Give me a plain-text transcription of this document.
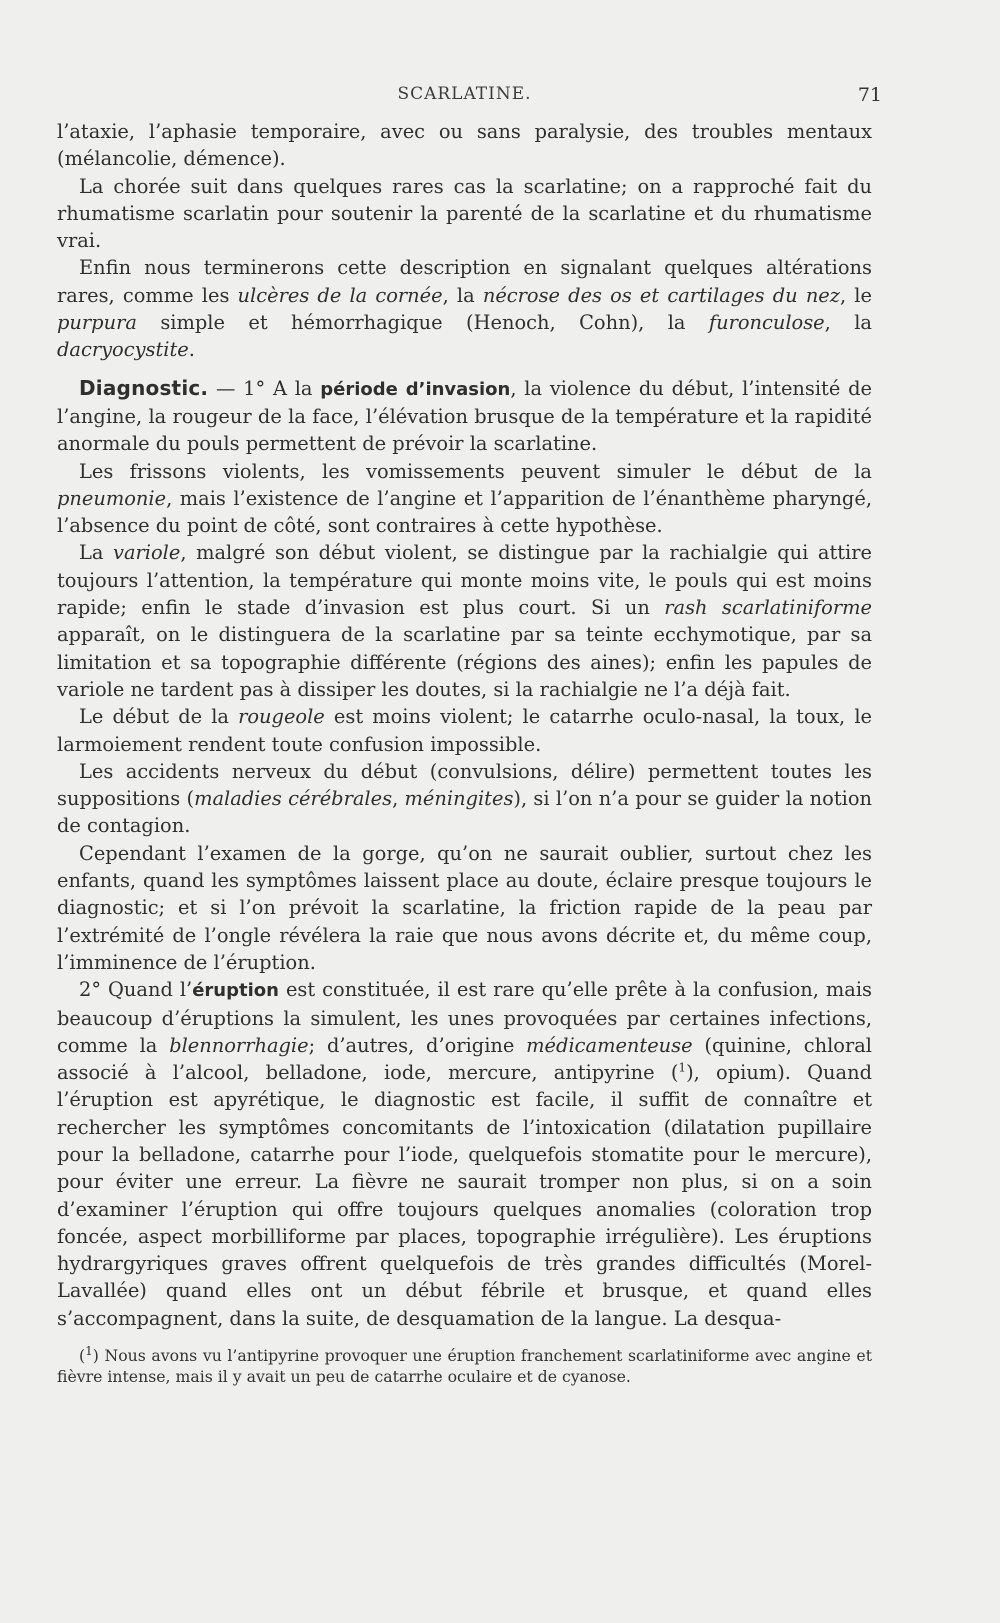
SCARLATINE.	71

l’ataxie, l’aphasie temporaire, avec ou sans paralysie, des troubles mentaux (mélancolie, démence).

La chorée suit dans quelques rares cas la scarlatine; on a rapproché fait du rhumatisme scarlatin pour soutenir la parenté de la scarlatine et du rhumatisme vrai.

Enfin nous terminerons cette description en signalant quelques altérations rares, comme les ulcères de la cornée, la nécrose des os et cartilages du nez, le purpura simple et hémorrhagique (Henoch, Cohn), la furonculose, la dacryocystite.

Diagnostic. — 1° A la période d’invasion, la violence du début, l’intensité de l’angine, la rougeur de la face, l’élévation brusque de la température et la rapidité anormale du pouls permettent de prévoir la scarlatine.

Les frissons violents, les vomissements peuvent simuler le début de la pneumonie, mais l’existence de l’angine et l’apparition de l’énanthème pharyngé, l’absence du point de côté, sont contraires à cette hypothèse.

La variole, malgré son début violent, se distingue par la rachialgie qui attire toujours l’attention, la température qui monte moins vite, le pouls qui est moins rapide; enfin le stade d’invasion est plus court. Si un rash scarlatiniforme apparaît, on le distinguera de la scarlatine par sa teinte ecchymotique, par sa limitation et sa topographie différente (régions des aines); enfin les papules de variole ne tardent pas à dissiper les doutes, si la rachialgie ne l’a déjà fait.

Le début de la rougeole est moins violent; le catarrhe oculo-nasal, la toux, le larmoiement rendent toute confusion impossible.

Les accidents nerveux du début (convulsions, délire) permettent toutes les suppositions (maladies cérébrales, méningites), si l’on n’a pour se guider la notion de contagion.

Cependant l’examen de la gorge, qu’on ne saurait oublier, surtout chez les enfants, quand les symptômes laissent place au doute, éclaire presque toujours le diagnostic; et si l’on prévoit la scarlatine, la friction rapide de la peau par l’extrémité de l’ongle révélera la raie que nous avons décrite et, du même coup, l’imminence de l’éruption.

2° Quand l’éruption est constituée, il est rare qu’elle prête à la confusion, mais beaucoup d’éruptions la simulent, les unes provoquées par certaines infections, comme la blennorrhagie; d’autres, d’origine médicamenteuse (quinine, chloral associé à l’alcool, belladone, iode, mercure, antipyrine ($^1$), opium). Quand l’éruption est apyrétique, le diagnostic est facile, il suffit de connaître et rechercher les symptômes concomitants de l’intoxication (dilatation pupillaire pour la belladone, catarrhe pour l’iode, quelquefois stomatite pour le mercure), pour éviter une erreur. La fièvre ne saurait tromper non plus, si on a soin d’examiner l’éruption qui offre toujours quelques anomalies (coloration trop foncée, aspect morbilliforme par places, topographie irrégulière). Les éruptions hydrargyriques graves offrent quelquefois de très grandes difficultés (Morel-Lavallée) quand elles ont un début fébrile et brusque, et quand elles s’accompagnent, dans la suite, de desquamation de la langue. La desqua-

($^1$) Nous avons vu l’antipyrine provoquer une éruption franchement scarlatiniforme avec angine et fièvre intense, mais il y avait un peu de catarrhe oculaire et de cyanose.
